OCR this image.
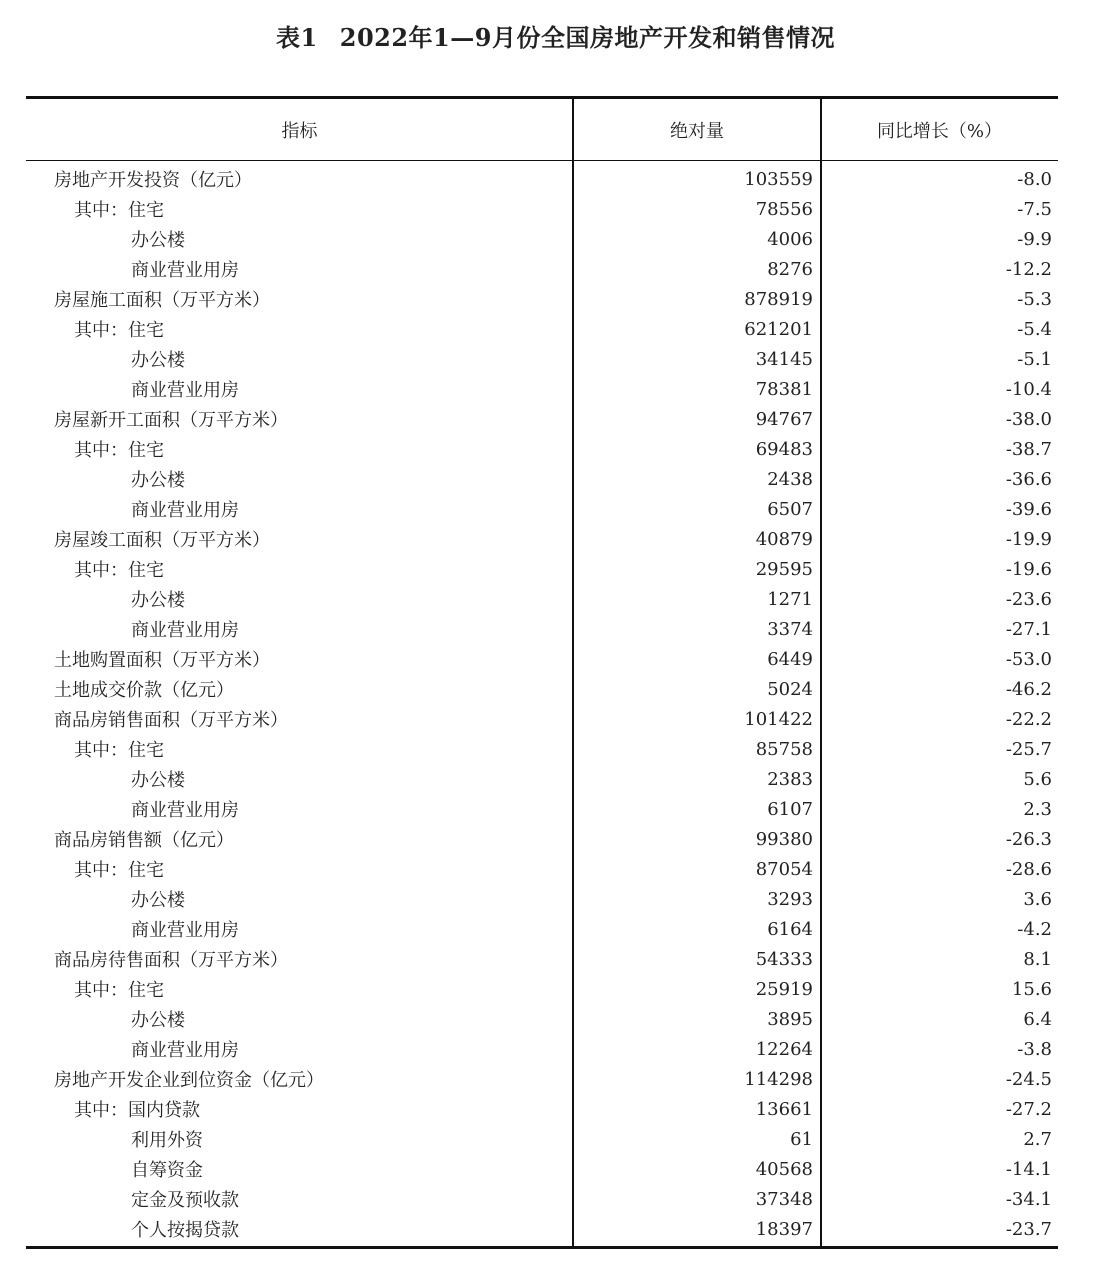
表1 2022年1—9月份全国房地产开发和销售情况
指标	绝对量	同比增长（%）
房地产开发投资（亿元）	103559	-8.0
其中：住宅	78556	-7.5
办公楼	4006	-9.9
商业营业用房	8276	-12.2
房屋施工面积（万平方米）	878919	-5.3
其中：住宅	621201	-5.4
办公楼	34145	-5.1
商业营业用房	78381	-10.4
房屋新开工面积（万平方米）	94767	-38.0
其中：住宅	69483	-38.7
办公楼	2438	-36.6
商业营业用房	6507	-39.6
房屋竣工面积（万平方米）	40879	-19.9
其中：住宅	29595	-19.6
办公楼	1271	-23.6
商业营业用房	3374	-27.1
土地购置面积（万平方米）	6449	-53.0
土地成交价款（亿元）	5024	-46.2
商品房销售面积（万平方米）	101422	-22.2
其中：住宅	85758	-25.7
办公楼	2383	5.6
商业营业用房	6107	2.3
商品房销售额（亿元）	99380	-26.3
其中：住宅	87054	-28.6
办公楼	3293	3.6
商业营业用房	6164	-4.2
商品房待售面积（万平方米）	54333	8.1
其中：住宅	25919	15.6
办公楼	3895	6.4
商业营业用房	12264	-3.8
房地产开发企业到位资金（亿元）	114298	-24.5
其中：国内贷款	13661	-27.2
利用外资	61	2.7
自筹资金	40568	-14.1
定金及预收款	37348	-34.1
个人按揭贷款	18397	-23.7
